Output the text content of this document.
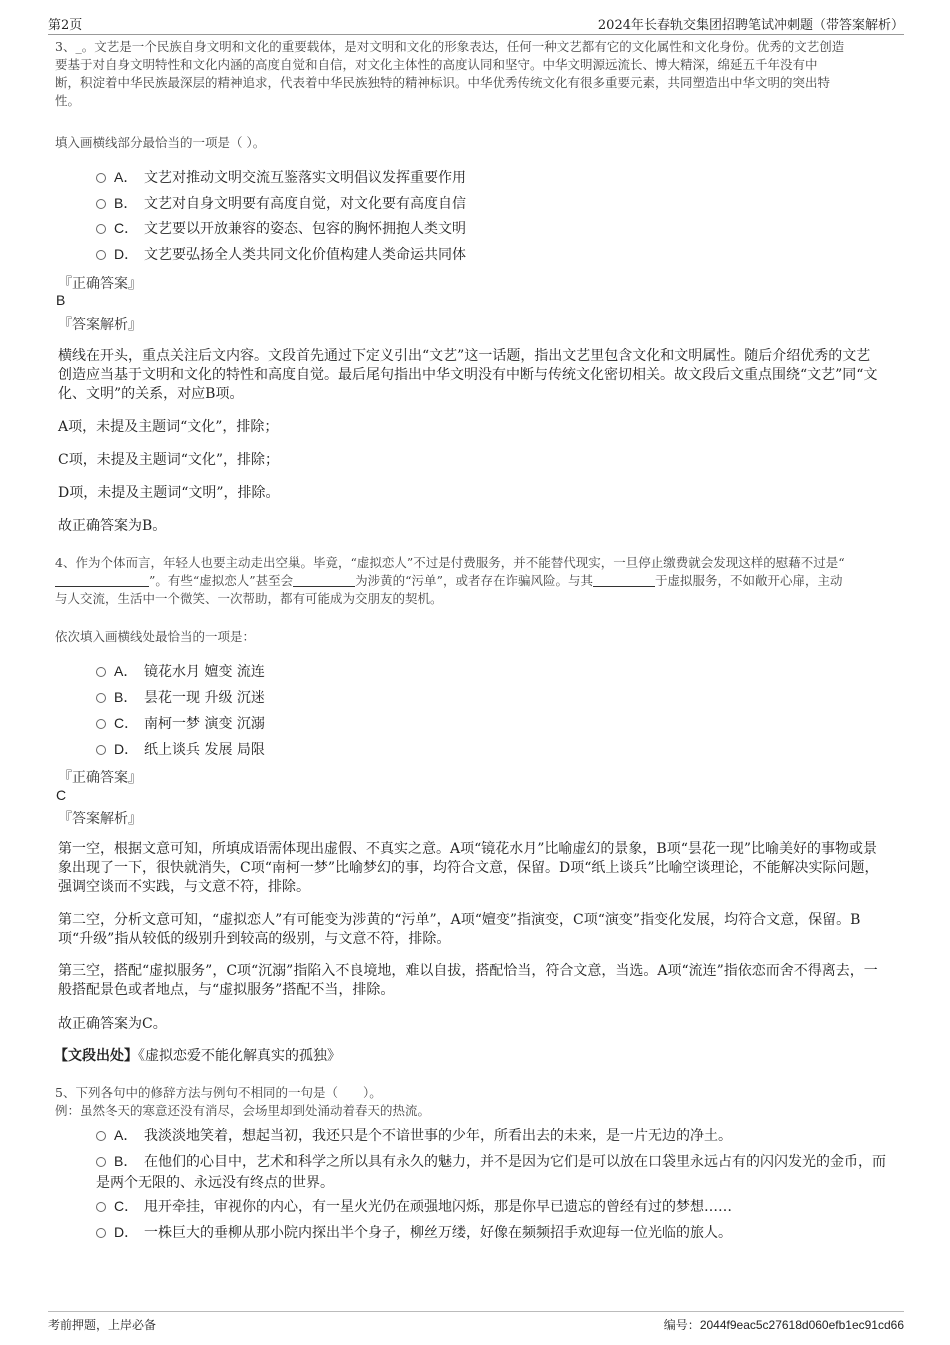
第2页	2024年长春轨交集团招聘笔试冲刺题（带答案解析）
3、_。文艺是一个民族自身文明和文化的重要载体，是对文明和文化的形象表达，任何一种文艺都有它的文化属性和文化身份。优秀的文艺创造
要基于对自身文明特性和文化内涵的高度自觉和自信，对文化主体性的高度认同和坚守。中华文明源远流长、博大精深，绵延五千年没有中
断，积淀着中华民族最深层的精神追求，代表着中华民族独特的精神标识。中华优秀传统文化有很多重要元素，共同塑造出中华文明的突出特
性。
填入画横线部分最恰当的一项是（ ）。
A． 文艺对推动文明交流互鉴落实文明倡议发挥重要作用
B． 文艺对自身文明要有高度自觉，对文化要有高度自信
C． 文艺要以开放兼容的姿态、包容的胸怀拥抱人类文明
D． 文艺要弘扬全人类共同文化价值构建人类命运共同体
『正确答案』
B
『答案解析』
横线在开头，重点关注后文内容。文段首先通过下定义引出“文艺”这一话题，指出文艺里包含文化和文明属性。随后介绍优秀的文艺创造应当基于文明和文化的特性和高度自觉。最后尾句指出中华文明没有中断与传统文化密切相关。故文段后文重点围绕“文艺”同“文化、文明”的关系，对应B项。
A项，未提及主题词“文化”，排除；
C项，未提及主题词“文化”，排除；
D项，未提及主题词“文明”，排除。
故正确答案为B。
4、作为个体而言，年轻人也要主动走出空巢。毕竟，“虚拟恋人”不过是付费服务，并不能替代现实，一旦停止缴费就会发现这样的慰藉不过是“
”。有些“虚拟恋人”甚至会	为涉黄的“污单”，或者存在诈骗风险。与其	于虚拟服务，不如敞开心扉，主动
与人交流，生活中一个微笑、一次帮助，都有可能成为交朋友的契机。
依次填入画横线处最恰当的一项是：
A． 镜花水月 嬗变 流连
B． 昙花一现 升级 沉迷
C． 南柯一梦 演变 沉溺
D． 纸上谈兵 发展 局限
『正确答案』
C
『答案解析』
第一空，根据文意可知，所填成语需体现出虚假、不真实之意。A项“镜花水月”比喻虚幻的景象，B项“昙花一现”比喻美好的事物或景象出现了一下，很快就消失，C项“南柯一梦”比喻梦幻的事，均符合文意，保留。D项“纸上谈兵”比喻空谈理论，不能解决实际问题，强调空谈而不实践，与文意不符，排除。
第二空，分析文意可知，“虚拟恋人”有可能变为涉黄的“污单”，A项“嬗变”指演变，C项“演变”指变化发展，均符合文意，保留。B项“升级”指从较低的级别升到较高的级别，与文意不符，排除。
第三空，搭配“虚拟服务”，C项“沉溺”指陷入不良境地，难以自拔，搭配恰当，符合文意，当选。A项“流连”指依恋而舍不得离去，一般搭配景色或者地点，与“虚拟服务”搭配不当，排除。
故正确答案为C。
【文段出处】《虚拟恋爱不能化解真实的孤独》
5、下列各句中的修辞方法与例句不相同的一句是（　　）。
例：虽然冬天的寒意还没有消尽，会场里却到处涌动着春天的热流。
A． 我淡淡地笑着，想起当初，我还只是个不谙世事的少年，所看出去的未来，是一片无边的净土。
B． 在他们的心目中，艺术和科学之所以具有永久的魅力，并不是因为它们是可以放在口袋里永远占有的闪闪发光的金币，而是两个无限的、永远没有终点的世界。
C． 甩开牵挂，审视你的内心，有一星火光仍在顽强地闪烁，那是你早已遗忘的曾经有过的梦想……
D． 一株巨大的垂柳从那小院内探出半个身子，柳丝万缕，好像在频频招手欢迎每一位光临的旅人。
考前押题，上岸必备	编号：2044f9eac5c27618d060efb1ec91cd66
